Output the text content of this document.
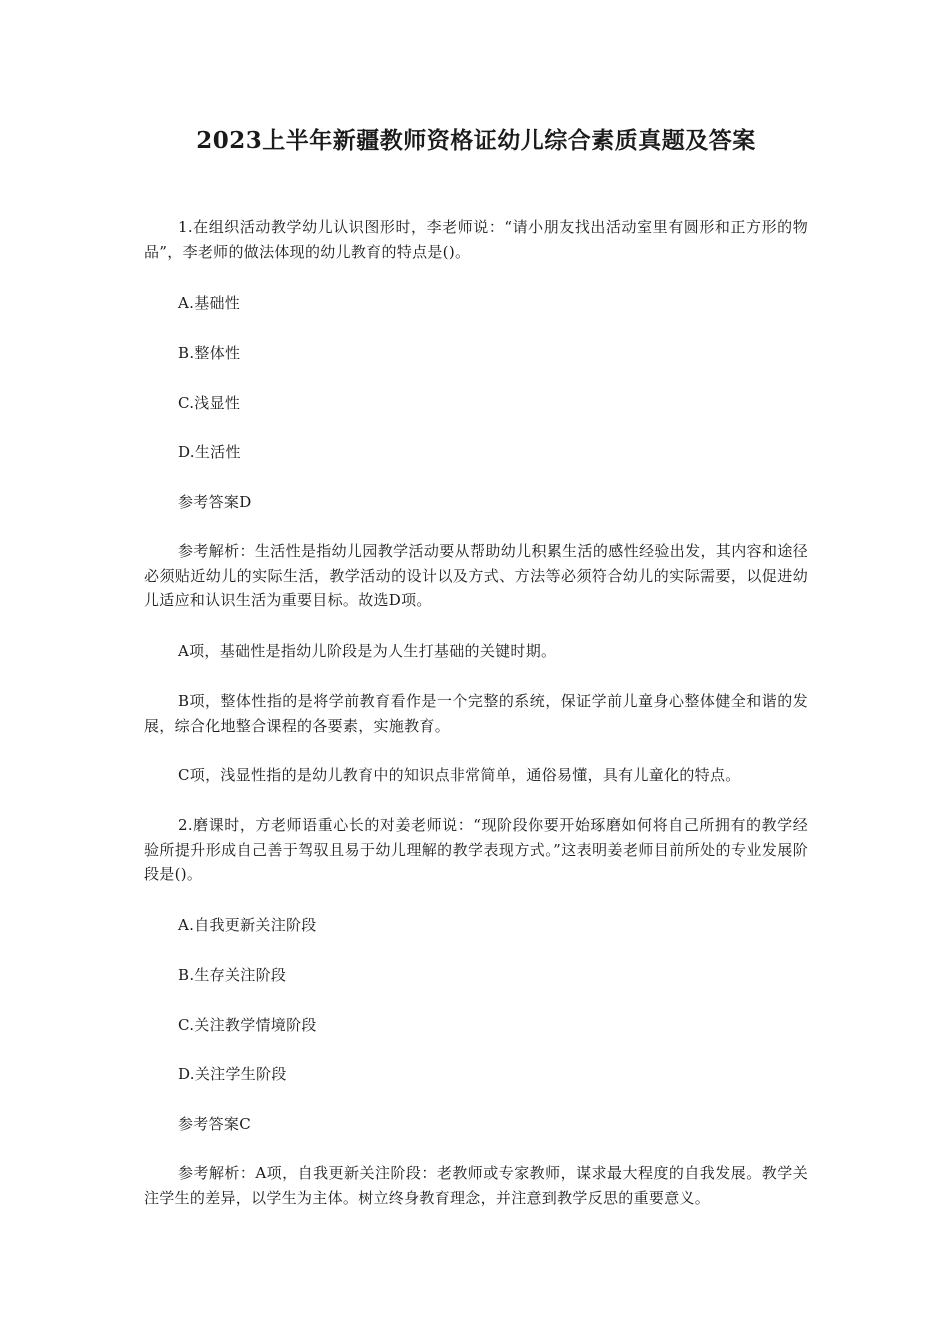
2023上半年新疆教师资格证幼儿综合素质真题及答案

1.在组织活动教学幼儿认识图形时，李老师说：“请小朋友找出活动室里有圆形和正方形的物品”，李老师的做法体现的幼儿教育的特点是()。

A.基础性

B.整体性

C.浅显性

D.生活性

参考答案D

参考解析：生活性是指幼儿园教学活动要从帮助幼儿积累生活的感性经验出发，其内容和途径必须贴近幼儿的实际生活，教学活动的设计以及方式、方法等必须符合幼儿的实际需要，以促进幼儿适应和认识生活为重要目标。故选D项。

A项，基础性是指幼儿阶段是为人生打基础的关键时期。

B项，整体性指的是将学前教育看作是一个完整的系统，保证学前儿童身心整体健全和谐的发展，综合化地整合课程的各要素，实施教育。

C项，浅显性指的是幼儿教育中的知识点非常简单，通俗易懂，具有儿童化的特点。

2.磨课时，方老师语重心长的对姜老师说：“现阶段你要开始琢磨如何将自己所拥有的教学经验所提升形成自己善于驾驭且易于幼儿理解的教学表现方式。”这表明姜老师目前所处的专业发展阶段是()。

A.自我更新关注阶段

B.生存关注阶段

C.关注教学情境阶段

D.关注学生阶段

参考答案C

参考解析：A项，自我更新关注阶段：老教师或专家教师，谋求最大程度的自我发展。教学关注学生的差异，以学生为主体。树立终身教育理念，并注意到教学反思的重要意义。
